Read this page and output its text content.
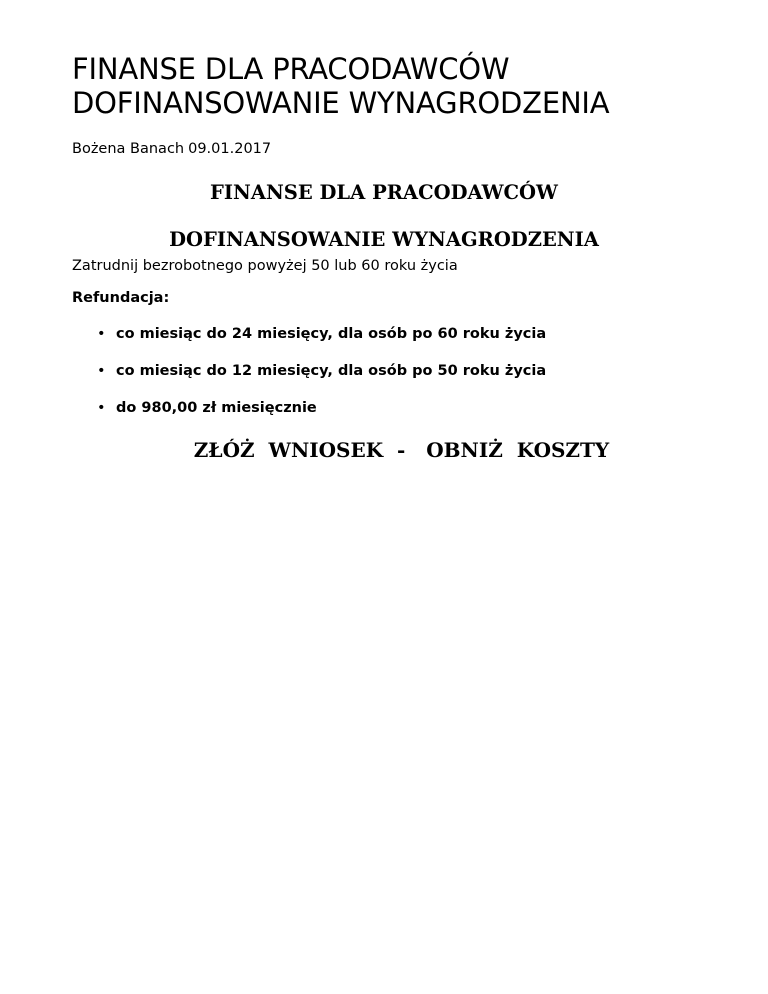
FINANSE DLA PRACODAWCÓW
DOFINANSOWANIE WYNAGRODZENIA
Bożena Banach 09.01.2017

FINANSE DLA PRACODAWCÓW

DOFINANSOWANIE WYNAGRODZENIA

Zatrudnij bezrobotnego powyżej 50 lub 60 roku życia
Refundacja:
• co miesiąc do 24 miesięcy, dla osób po 60 roku życia
• co miesiąc do 12 miesięcy, dla osób po 50 roku życia
• do 980,00 zł miesięcznie
ZŁÓŻ  WNIOSEK  -   OBNIŻ  KOSZTY
